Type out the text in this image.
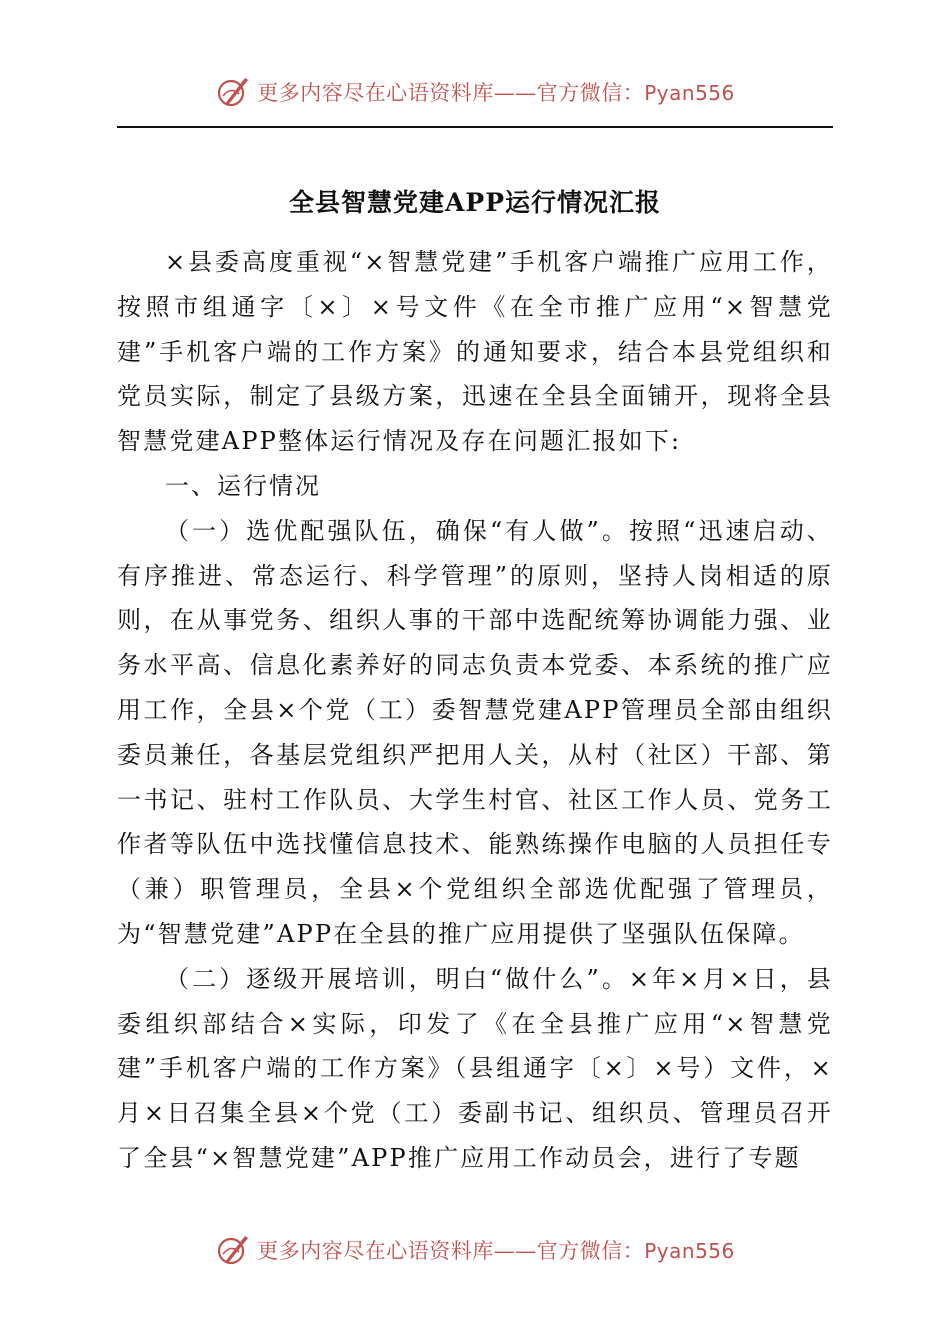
更多内容尽在心语资料库——官方微信：Pyan556
全县智慧党建APP运行情况汇报

×县委高度重视“×智慧党建”手机客户端推广应用工作，按照市组通字〔×〕×号文件《在全市推广应用“×智慧党建”手机客户端的工作方案》的通知要求，结合本县党组织和党员实际，制定了县级方案，迅速在全县全面铺开，现将全县智慧党建APP整体运行情况及存在问题汇报如下:

一、运行情况

（一）选优配强队伍，确保“有人做”。按照“迅速启动、有序推进、常态运行、科学管理”的原则，坚持人岗相适的原则，在从事党务、组织人事的干部中选配统筹协调能力强、业务水平高、信息化素养好的同志负责本党委、本系统的推广应用工作，全县×个党（工）委智慧党建APP管理员全部由组织委员兼任，各基层党组织严把用人关，从村（社区）干部、第一书记、驻村工作队员、大学生村官、社区工作人员、党务工作者等队伍中选找懂信息技术、能熟练操作电脑的人员担任专（兼）职管理员，全县×个党组织全部选优配强了管理员，为“智慧党建”APP在全县的推广应用提供了坚强队伍保障。

（二）逐级开展培训，明白“做什么”。×年×月×日，县委组织部结合×实际，印发了《在全县推广应用“×智慧党建”手机客户端的工作方案》（县组通字〔×〕×号）文件，×月×日召集全县×个党（工）委副书记、组织员、管理员召开了全县“×智慧党建”APP推广应用工作动员会，进行了专题

更多内容尽在心语资料库——官方微信：Pyan556
